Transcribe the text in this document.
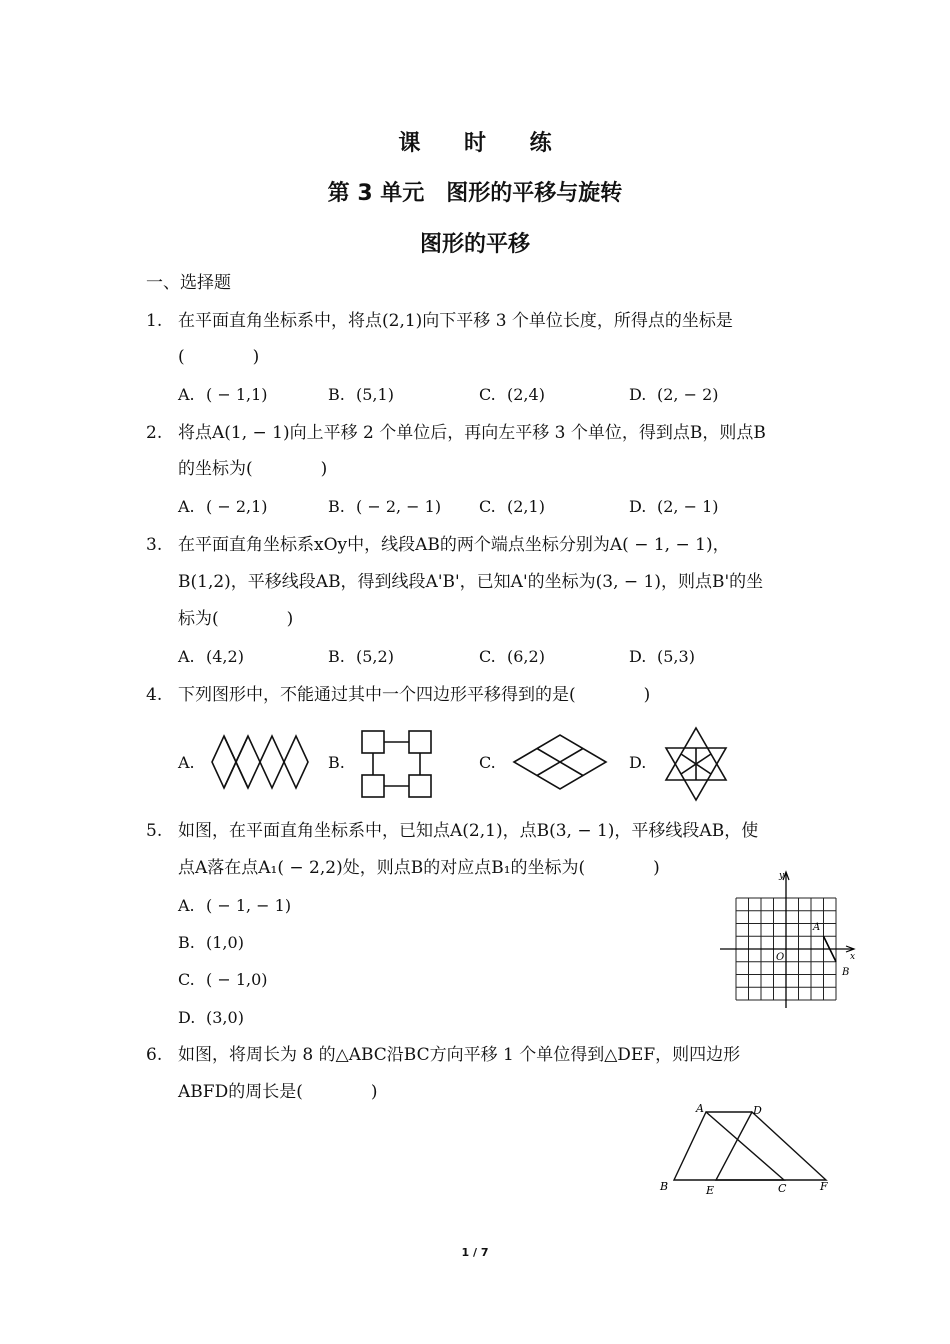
课 时 练
第 3 单元　图形的平移与旋转
图形的平移
一、选择题
1. 在平面直角坐标系中，将点(2,1)向下平移 3 个单位长度，所得点的坐标是
(　　　　)
A. ( − 1,1)	B. (5,1)	C. (2,4)	D. (2, − 2)
2. 将点A(1, − 1)向上平移 2 个单位后，再向左平移 3 个单位，得到点B，则点B
的坐标为(　　　　)
A. ( − 2,1)	B. ( − 2, − 1) C. (2,1)	D. (2, − 1)
3. 在平面直角坐标系xOy中，线段AB的两个端点坐标分别为A( − 1, − 1)，
B(1,2)，平移线段AB，得到线段A'B'，已知A'的坐标为(3, − 1)，则点B'的坐
标为(　　　　)
A. (4,2)	B. (5,2)	C. (6,2)	D. (5,3)
4. 下列图形中，不能通过其中一个四边形平移得到的是(　　　　)
A.	B.	C.	D.
5. 如图，在平面直角坐标系中，已知点A(2,1)，点B(3, − 1)，平移线段AB，使
点A落在点A₁( − 2,2)处，则点B的对应点B₁的坐标为(　　　　)
A. ( − 1, − 1)
B. (1,0)
C. ( − 1,0)
D. (3,0)
y
x
O
A
B
6. 如图，将周长为 8 的△ABC沿BC方向平移 1 个单位得到△DEF，则四边形
ABFD的周长是(　　　　)
A	D
B	E	C	F
1 / 7
